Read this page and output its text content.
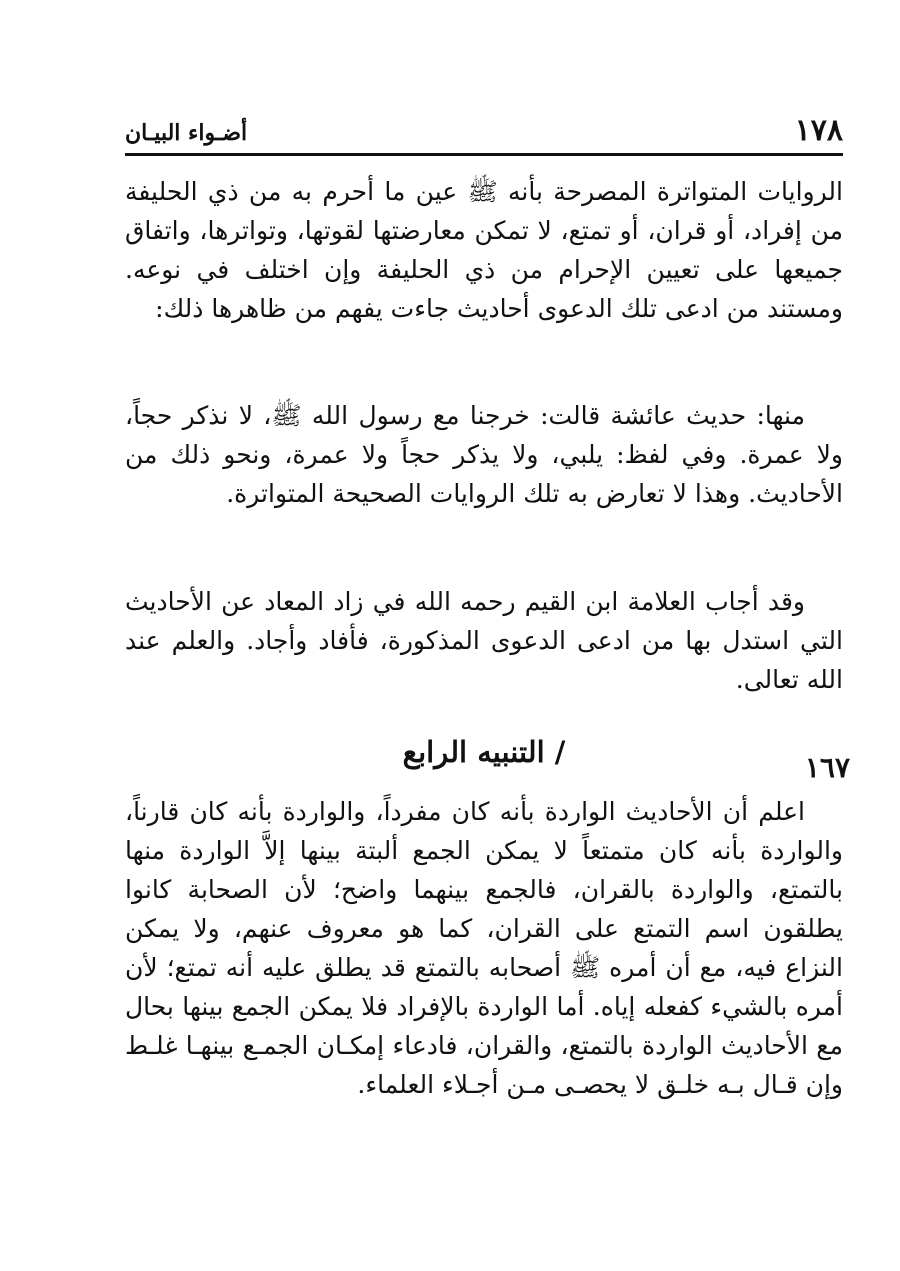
١٧٨
أضـواء البيـان

الروايات المتواترة المصرحة بأنه ﷺ عين ما أحرم به من ذي الحليفة من إفراد، أو قران، أو تمتع، لا تمكن معارضتها لقوتها، وتواترها، واتفاق جميعها على تعيين الإحرام من ذي الحليفة وإن اختلف في نوعه. ومستند من ادعى تلك الدعوى أحاديث جاءت يفهم من ظاهرها ذلك:

منها: حديث عائشة قالت: خرجنا مع رسول الله ﷺ، لا نذكر حجاً، ولا عمرة. وفي لفظ: يلبي، ولا يذكر حجاً ولا عمرة، ونحو ذلك من الأحاديث. وهذا لا تعارض به تلك الروايات الصحيحة المتواترة.

وقد أجاب العلامة ابن القيم رحمه الله في زاد المعاد عن الأحاديث التي استدل بها من ادعى الدعوى المذكورة، فأفاد وأجاد. والعلم عند الله تعالى.

١٦٧
/ التنبيه الرابع

اعلم أن الأحاديث الواردة بأنه كان مفرداً، والواردة بأنه كان قارناً، والواردة بأنه كان متمتعاً لا يمكن الجمع ألبتة بينها إلاَّ الواردة منها بالتمتع، والواردة بالقران، فالجمع بينهما واضح؛ لأن الصحابة كانوا يطلقون اسم التمتع على القران، كما هو معروف عنهم، ولا يمكن النزاع فيه، مع أن أمره ﷺ أصحابه بالتمتع قد يطلق عليه أنه تمتع؛ لأن أمره بالشيء كفعله إياه. أما الواردة بالإفراد فلا يمكن الجمع بينها بحال مع الأحاديث الواردة بالتمتع، والقران، فادعاء إمكـان الجمـع بينهـا غلـط وإن قـال بـه خلـق لا يحصـى مـن أجـلاء العلماء.
